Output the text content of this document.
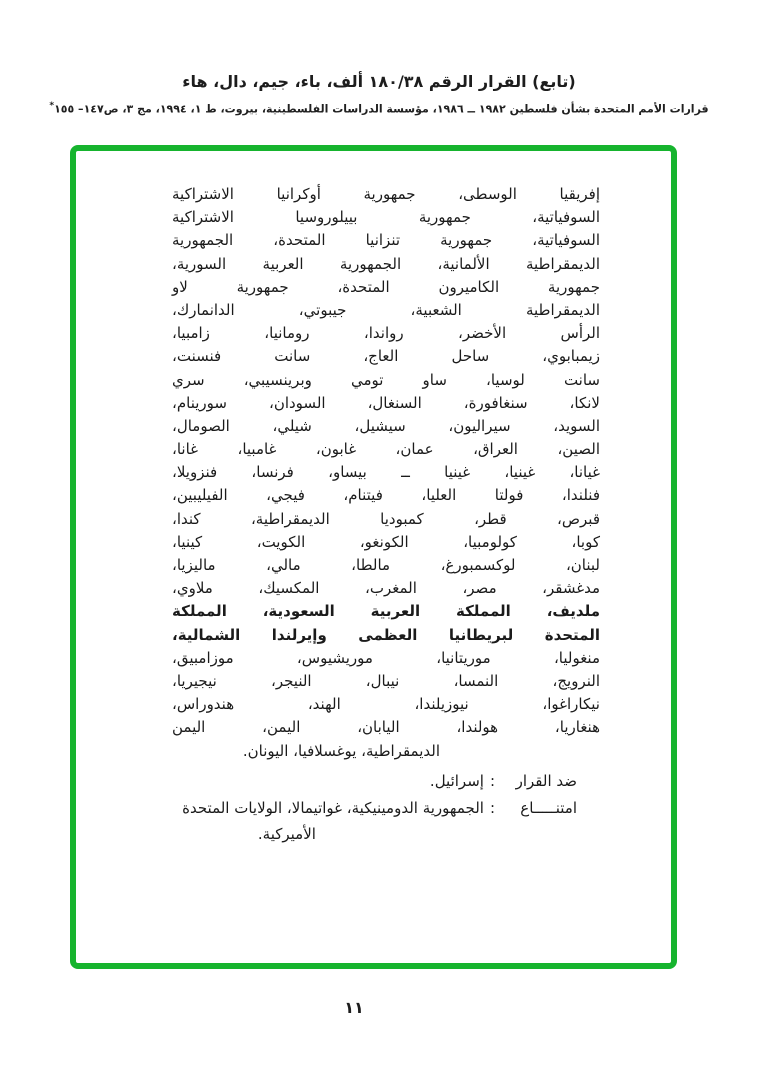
(تابع) القرار الرقم ٣٨‏/‏١٨٠ ألف، باء، جيم، دال، هاء

قرارات الأمم المتحدة بشأن فلسطين ١٩٨٢ ــ ١٩٨٦، مؤسسة الدراسات الفلسطينية، بيروت، ط ١، ١٩٩٤، مج ٣، ص١٤٧– ١٥٥*

إفريقيا الوسطى، جمهورية أوكرانيا الاشتراكية
السوفياتية، جمهورية بييلوروسيا الاشتراكية
السوفياتية، جمهورية تنزانيا المتحدة، الجمهورية
الديمقراطية الألمانية، الجمهورية العربية السورية،
جمهورية الكاميرون المتحدة، جمهورية لاو
الديمقراطية الشعبية، جيبوتي، الدانمارك،
الرأس الأخضر، رواندا، رومانيا، زامبيا،
زيمبابوي، ساحل العاج، سانت فنسنت،
سانت لوسيا، ساو تومي وبرينسيبي، سري
لانكا، سنغافورة، السنغال، السودان، سورينام،
السويد، سيراليون، سيشيل، شيلي، الصومال،
الصين، العراق، عمان، غابون، غامبيا، غانا،
غيانا، غينيا، غينيا ــ بيساو، فرنسا، فنزويلا،
فنلندا، فولتا العليا، فيتنام، فيجي، الفيليبين،
قبرص، قطر، كمبوديا الديمقراطية، كندا،
كوبا، كولومبيا، الكونغو، الكويت، كينيا،
لبنان، لوكسمبورغ، مالطا، مالي، ماليزيا،
مدغشقر، مصر، المغرب، المكسيك، ملاوي،
ملديف، المملكة العربية السعودية، المملكة
المتحدة لبريطانيا العظمى وإيرلندا الشمالية،
منغوليا، موريتانيا، موريشيوس، موزامبيق،
النرويج، النمسا، نيبال، النيجر، نيجيريا،
نيكاراغوا، نيوزيلندا، الهند، هندوراس،
هنغاريا، هولندا، اليابان، اليمن، اليمن
الديمقراطية، يوغسلافيا، اليونان.
ضد القرار
:
إسرائيل.
امتنـــــاع
:
الجمهورية الدومينيكية، غواتيمالا، الولايات المتحدة
الأميركية.
١١
